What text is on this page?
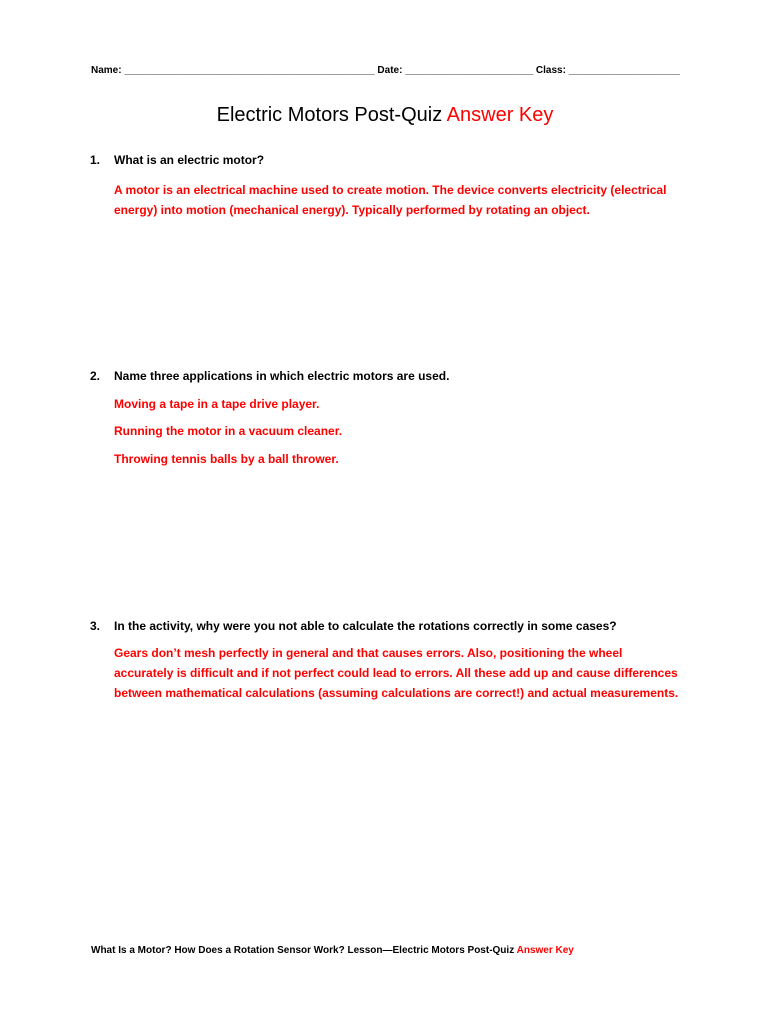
Name: _____________________________________________ Date: _______________________ Class: ____________________
Electric Motors Post-Quiz Answer Key
1. What is an electric motor?

A motor is an electrical machine used to create motion. The device converts electricity (electrical energy) into motion (mechanical energy). Typically performed by rotating an object.

2. Name three applications in which electric motors are used.
Moving a tape in a tape drive player.
Running the motor in a vacuum cleaner.
Throwing tennis balls by a ball thrower.
3. In the activity, why were you not able to calculate the rotations correctly in some cases?

Gears don’t mesh perfectly in general and that causes errors. Also, positioning the wheel accurately is difficult and if not perfect could lead to errors. All these add up and cause differences between mathematical calculations (assuming calculations are correct!) and actual measurements.

What Is a Motor? How Does a Rotation Sensor Work? Lesson—Electric Motors Post-Quiz Answer Key
